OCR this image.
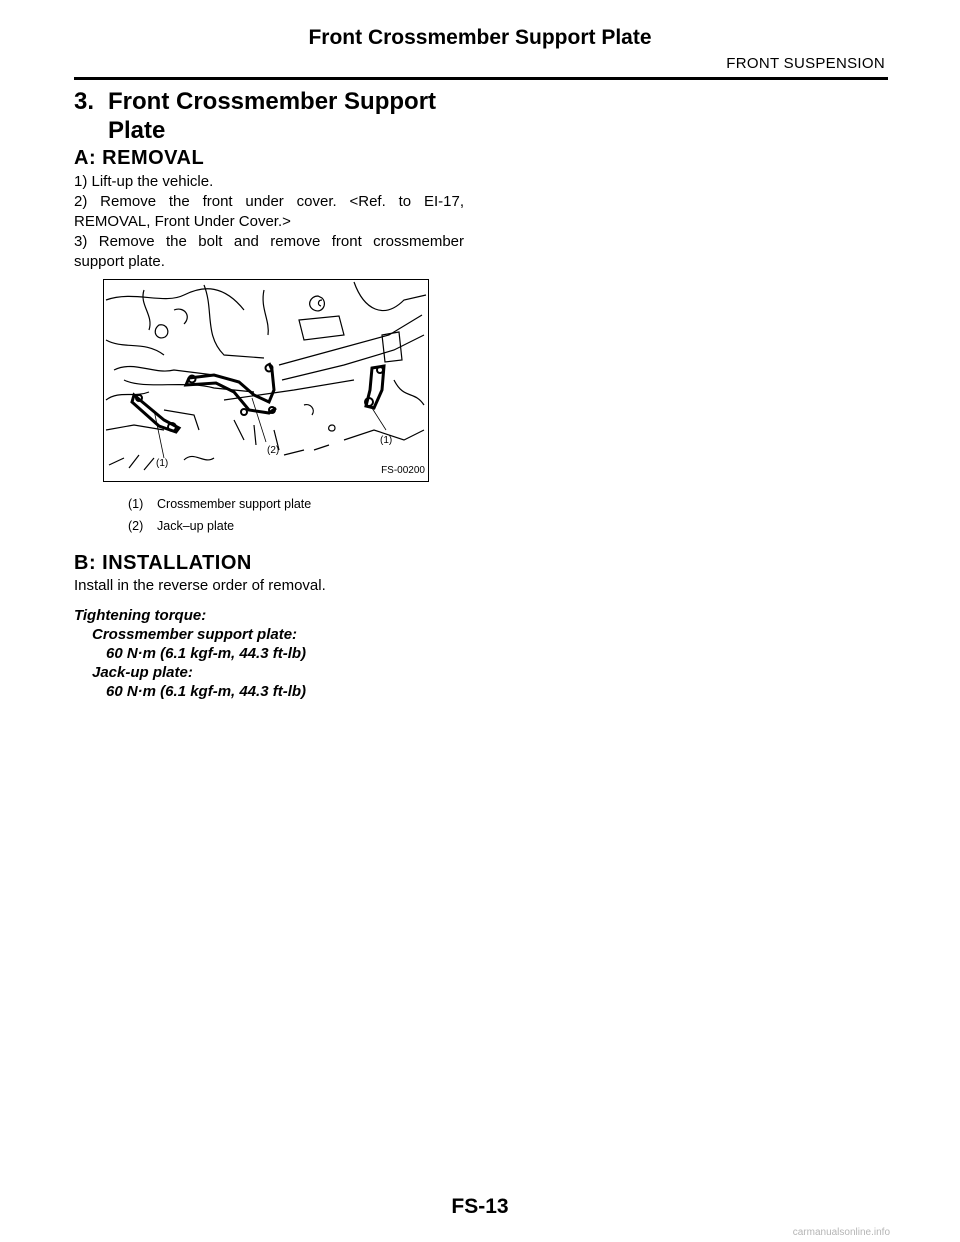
Front Crossmember Support Plate
FRONT SUSPENSION
3. Front Crossmember Support
Plate
A: REMOVAL
1) Lift-up the vehicle.
2) Remove the front under cover. <Ref. to EI-17, REMOVAL, Front Under Cover.>
3) Remove the bolt and remove front crossmember support plate.
(1)
(2)
(1)
FS-00200
(1) Crossmember support plate
(2) Jack–up plate
B: INSTALLATION
Install in the reverse order of removal.
Tightening torque:
Crossmember support plate:
60 N·m (6.1 kgf-m, 44.3 ft-lb)
Jack-up plate:
60 N·m (6.1 kgf-m, 44.3 ft-lb)
FS-13
carmanualsonline.info
